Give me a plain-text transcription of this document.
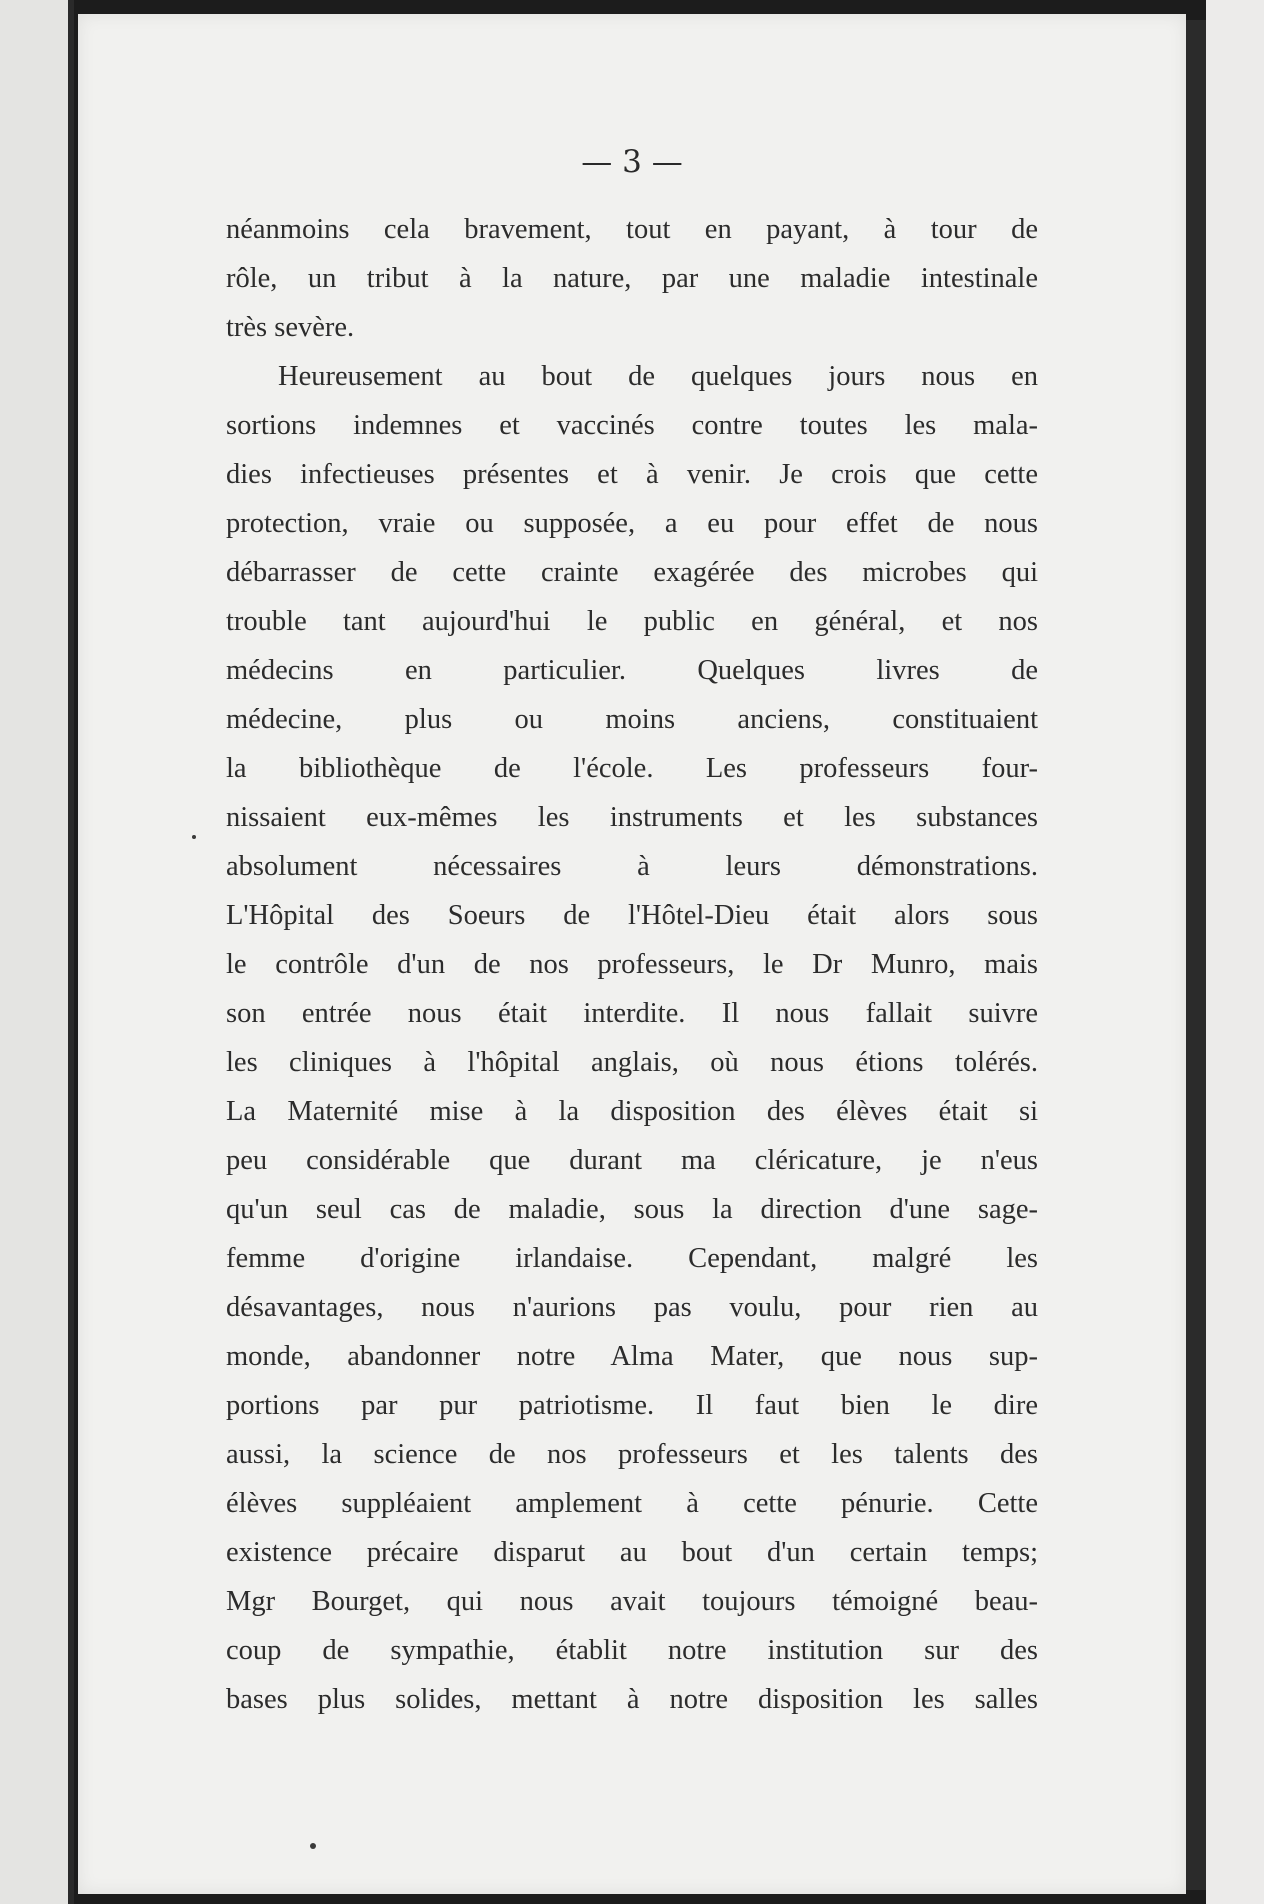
— 3 —

néanmoins cela bravement, tout en payant, à tour de
rôle, un tribut à la nature, par une maladie intestinale
très sevère.
Heureusement au bout de quelques jours nous en
sortions indemnes et vaccinés contre toutes les mala-
dies infectieuses présentes et à venir. Je crois que cette
protection, vraie ou supposée, a eu pour effet de nous
débarrasser de cette crainte exagérée des microbes qui
trouble tant aujourd'hui le public en général, et nos
médecins en particulier. Quelques livres de
médecine, plus ou moins anciens, constituaient
la bibliothèque de l'école. Les professeurs four-
nissaient eux-mêmes les instruments et les substances
absolument nécessaires à leurs démonstrations.
L'Hôpital des Soeurs de l'Hôtel-Dieu était alors sous
le contrôle d'un de nos professeurs, le Dr Munro, mais
son entrée nous était interdite. Il nous fallait suivre
les cliniques à l'hôpital anglais, où nous étions tolérés.
La Maternité mise à la disposition des élèves était si
peu considérable que durant ma cléricature, je n'eus
qu'un seul cas de maladie, sous la direction d'une sage-
femme d'origine irlandaise. Cependant, malgré les
désavantages, nous n'aurions pas voulu, pour rien au
monde, abandonner notre Alma Mater, que nous sup-
portions par pur patriotisme. Il faut bien le dire
aussi, la science de nos professeurs et les talents des
élèves suppléaient amplement à cette pénurie. Cette
existence précaire disparut au bout d'un certain temps;
Mgr Bourget, qui nous avait toujours témoigné beau-
coup de sympathie, établit notre institution sur des
bases plus solides, mettant à notre disposition les salles
